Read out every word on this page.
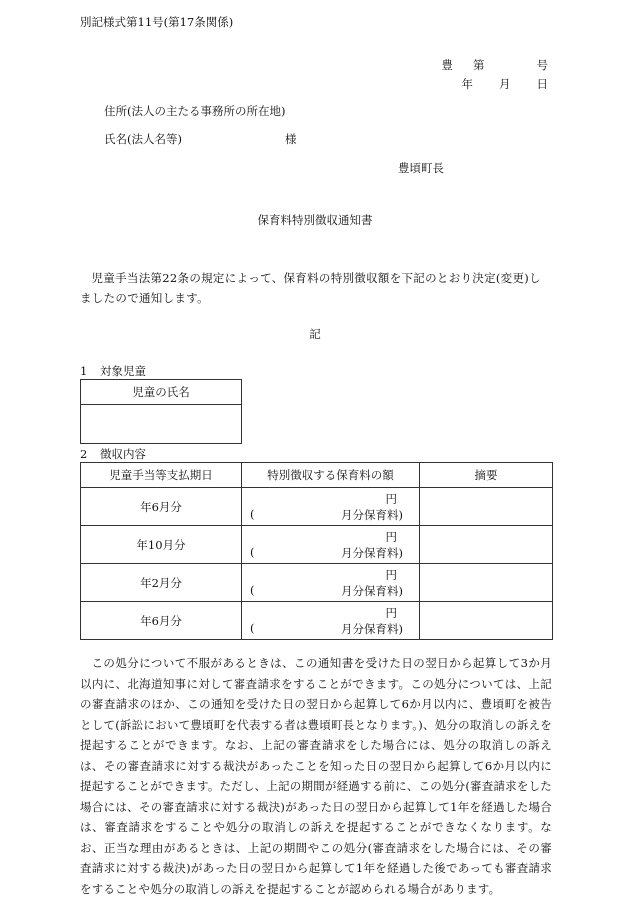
別記様式第11号(第17条関係)
豊 第	号
年 月 日
住所(法人の主たる事務所の所在地)
氏名(法人名等)	様
豊頃町長
保育料特別徴収通知書
児童手当法第22条の規定によって、保育料の特別徴収額を下記のとおり決定(変更)しましたので通知します。
記
1 対象児童
児童の氏名

2 徴収内容
児童手当等支払期日	特別徴収する保育料の額	摘要
年6月分	円
( 月分保育料)	

年10月分	円
( 月分保育料)	

年2月分	円
( 月分保育料)	

年6月分	円
( 月分保育料)	

この処分について不服があるときは、この通知書を受けた日の翌日から起算して3か月以内に、北海道知事に対して審査請求をすることができます。この処分については、上記の審査請求のほか、この通知を受けた日の翌日から起算して6か月以内に、豊頃町を被告として(訴訟において豊頃町を代表する者は豊頃町長となります。)、処分の取消しの訴えを提起することができます。なお、上記の審査請求をした場合には、処分の取消しの訴えは、その審査請求に対する裁決があったことを知った日の翌日から起算して6か月以内に提起することができます。ただし、上記の期間が経過する前に、この処分(審査請求をした場合には、その審査請求に対する裁決)があった日の翌日から起算して1年を経過した場合は、審査請求をすることや処分の取消しの訴えを提起することができなくなります。なお、正当な理由があるときは、上記の期間やこの処分(審査請求をした場合には、その審査請求に対する裁決)があった日の翌日から起算して1年を経過した後であっても審査請求をすることや処分の取消しの訴えを提起することが認められる場合があります。
